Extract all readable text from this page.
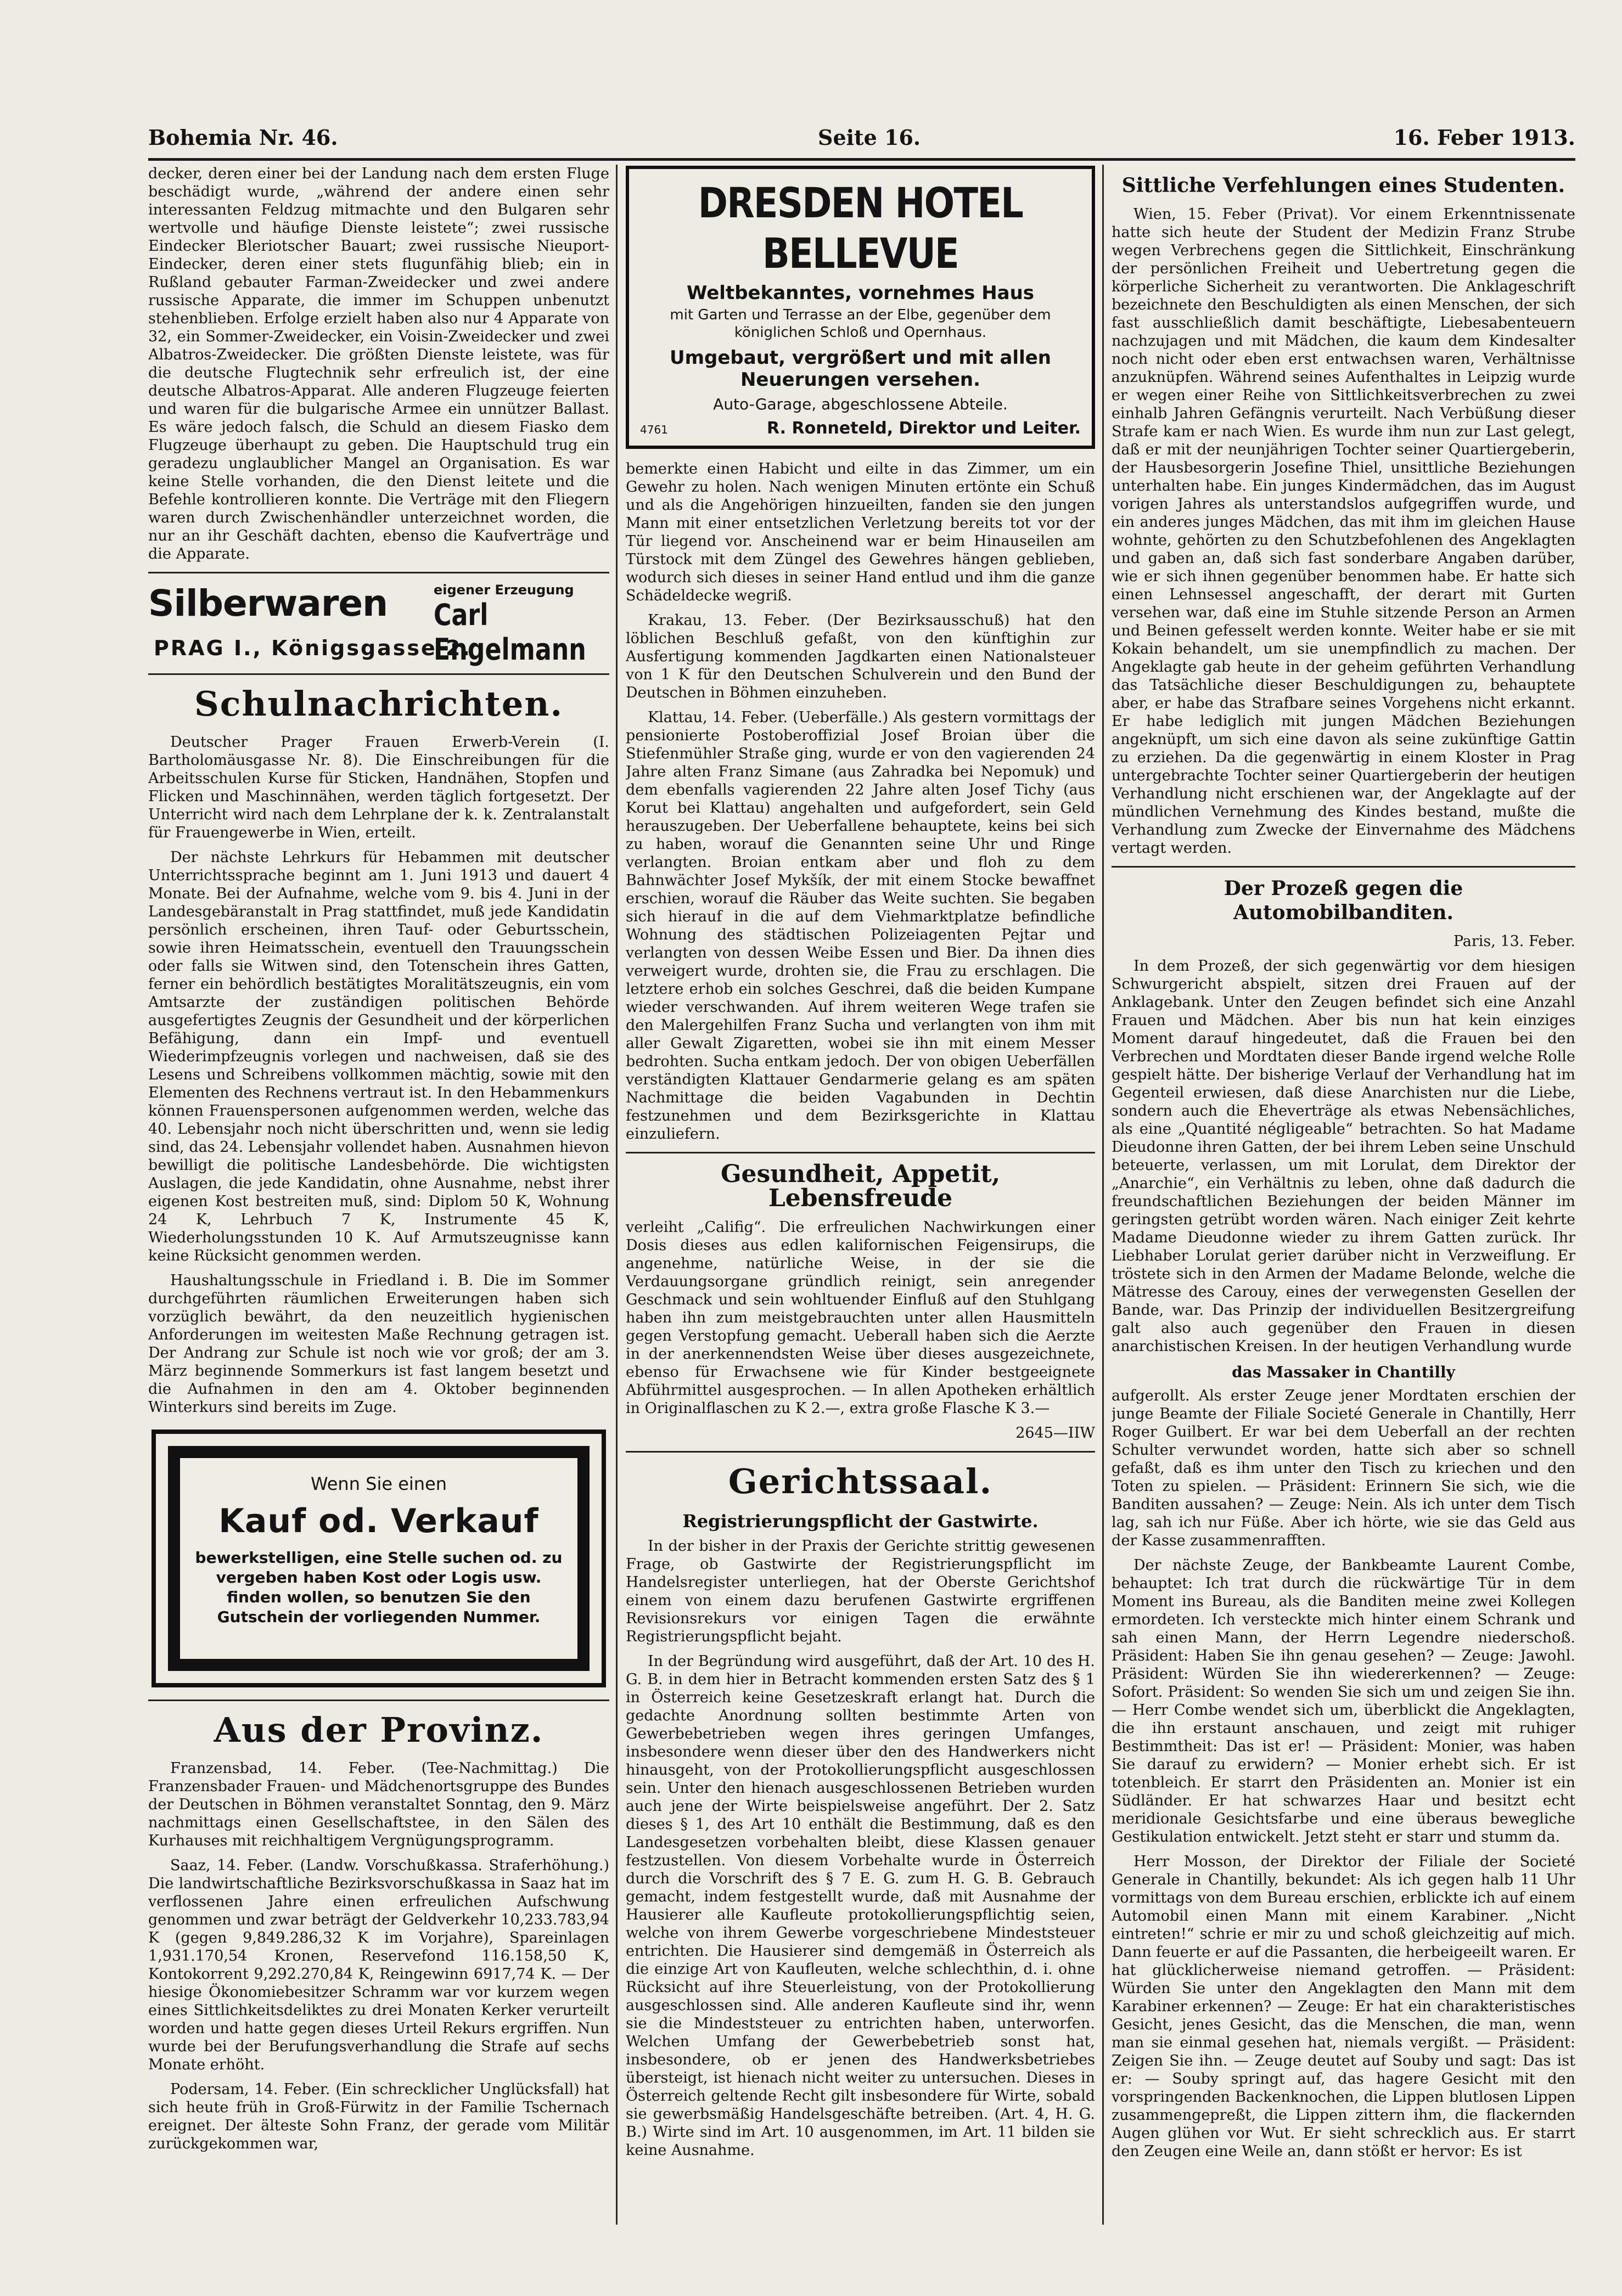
Bohemia Nr. 46.	Seite 16.	16. Feber 1913.

decker, deren einer bei der Landung nach dem ersten Fluge beschädigt wurde, „während der andere einen sehr interessanten Feldzug mitmachte und den Bulgaren sehr wertvolle und häufige Dienste leistete“; zwei russische Eindecker Bleriotscher Bauart; zwei russische Nieuport-Eindecker, deren einer stets flugunfähig blieb; ein in Rußland gebauter Farman-Zweidecker und zwei andere russische Apparate, die immer im Schuppen unbenutzt stehenblieben. Erfolge erzielt haben also nur 4 Apparate von 32, ein Sommer-Zweidecker, ein Voisin-Zweidecker und zwei Albatros-Zweidecker. Die größten Dienste leistete, was für die deutsche Flugtechnik sehr erfreulich ist, der eine deutsche Albatros-Apparat. Alle anderen Flugzeuge feierten und waren für die bulgarische Armee ein unnützer Ballast. Es wäre jedoch falsch, die Schuld an diesem Fiasko dem Flugzeuge überhaupt zu geben. Die Hauptschuld trug ein geradezu unglaublicher Mangel an Organisation. Es war keine Stelle vorhanden, die den Dienst leitete und die Befehle kontrollieren konnte. Die Verträge mit den Fliegern waren durch Zwischenhändler unterzeichnet worden, die nur an ihr Geschäft dachten, ebenso die Kaufverträge und die Apparate.

Silberwaren	eigener Erzeugung
Carl Engelmann
PRAG I., Königsgasse 2.
Schulnachrichten.

Deutscher Prager Frauen Erwerb-Verein (I. Bartholomäusgasse Nr. 8). Die Einschreibungen für die Arbeitsschulen Kurse für Sticken, Handnähen, Stopfen und Flicken und Maschinnähen, werden täglich fortgesetzt. Der Unterricht wird nach dem Lehrplane der k. k. Zentralanstalt für Frauengewerbe in Wien, erteilt.

Der nächste Lehrkurs für Hebammen mit deutscher Unterrichtssprache beginnt am 1. Juni 1913 und dauert 4 Monate. Bei der Aufnahme, welche vom 9. bis 4. Juni in der Landesgebäranstalt in Prag stattfindet, muß jede Kandidatin persönlich erscheinen, ihren Tauf- oder Geburtsschein, sowie ihren Heimatsschein, eventuell den Trauungsschein oder falls sie Witwen sind, den Totenschein ihres Gatten, ferner ein behördlich bestätigtes Moralitätszeugnis, ein vom Amtsarzte der zuständigen politischen Behörde ausgefertigtes Zeugnis der Gesundheit und der körperlichen Befähigung, dann ein Impf- und eventuell Wiederimpfzeugnis vorlegen und nachweisen, daß sie des Lesens und Schreibens vollkommen mächtig, sowie mit den Elementen des Rechnens vertraut ist. In den Hebammenkurs können Frauenspersonen aufgenommen werden, welche das 40. Lebensjahr noch nicht überschritten und, wenn sie ledig sind, das 24. Lebensjahr vollendet haben. Ausnahmen hievon bewilligt die politische Landesbehörde. Die wichtigsten Auslagen, die jede Kandidatin, ohne Ausnahme, nebst ihrer eigenen Kost bestreiten muß, sind: Diplom 50 K, Wohnung 24 K, Lehrbuch 7 K, Instrumente 45 K, Wiederholungsstunden 10 K. Auf Armutszeugnisse kann keine Rücksicht genommen werden.

Haushaltungsschule in Friedland i. B. Die im Sommer durchgeführten räumlichen Erweiterungen haben sich vorzüglich bewährt, da den neuzeitlich hygienischen Anforderungen im weitesten Maße Rechnung getragen ist. Der Andrang zur Schule ist noch wie vor groß; der am 3. März beginnende Sommerkurs ist fast langem besetzt und die Aufnahmen in den am 4. Oktober beginnenden Winterkurs sind bereits im Zuge.

Wenn Sie einen
Kauf od. Verkauf
bewerkstelligen, eine Stelle suchen od. zu vergeben haben Kost oder Logis usw. finden wollen, so benutzen Sie den Gutschein der vorliegenden Nummer.
Aus der Provinz.

Franzensbad, 14. Feber. (Tee-Nachmittag.) Die Franzensbader Frauen- und Mädchenortsgruppe des Bundes der Deutschen in Böhmen veranstaltet Sonntag, den 9. März nachmittags einen Gesellschaftstee, in den Sälen des Kurhauses mit reichhaltigem Vergnügungsprogramm.

Saaz, 14. Feber. (Landw. Vorschußkassa. Straferhöhung.) Die landwirtschaftliche Bezirksvorschußkassa in Saaz hat im verflossenen Jahre einen erfreulichen Aufschwung genommen und zwar beträgt der Geldverkehr 10,233.783,94 K (gegen 9,849.286,32 K im Vorjahre), Spareinlagen 1,931.170,54 Kronen, Reservefond 116.158,50 K, Kontokorrent 9,292.270,84 K, Reingewinn 6917,74 K. — Der hiesige Ökonomiebesitzer Schramm war vor kurzem wegen eines Sittlichkeitsdeliktes zu drei Monaten Kerker verurteilt worden und hatte gegen dieses Urteil Rekurs ergriffen. Nun wurde bei der Berufungsverhandlung die Strafe auf sechs Monate erhöht.

Podersam, 14. Feber. (Ein schrecklicher Unglücksfall) hat sich heute früh in Groß-Fürwitz in der Familie Tschernach ereignet. Der älteste Sohn Franz, der gerade vom Militär zurückgekommen war,

DRESDEN HOTEL BELLEVUE
Weltbekanntes, vornehmes Haus
mit Garten und Terrasse an der Elbe, gegenüber dem königlichen Schloß und Opernhaus.
Umgebaut, vergrößert und mit allen Neuerungen versehen.
Auto-Garage, abgeschlossene Abteile.
4761	R. Ronneteld, Direktor und Leiter.

bemerkte einen Habicht und eilte in das Zimmer, um ein Gewehr zu holen. Nach wenigen Minuten ertönte ein Schuß und als die Angehörigen hinzueilten, fanden sie den jungen Mann mit einer entsetzlichen Verletzung bereits tot vor der Tür liegend vor. Anscheinend war er beim Hinauseilen am Türstock mit dem Züngel des Gewehres hängen geblieben, wodurch sich dieses in seiner Hand entlud und ihm die ganze Schädeldecke wegriß.

Krakau, 13. Feber. (Der Bezirksausschuß) hat den löblichen Beschluß gefaßt, von den künftighin zur Ausfertigung kommenden Jagdkarten einen Nationalsteuer von 1 K für den Deutschen Schulverein und den Bund der Deutschen in Böhmen einzuheben.

Klattau, 14. Feber. (Ueberfälle.) Als gestern vormittags der pensionierte Postoberoffizial Josef Broian über die Stiefenmühler Straße ging, wurde er von den vagierenden 24 Jahre alten Franz Simane (aus Zahradka bei Nepomuk) und dem ebenfalls vagierenden 22 Jahre alten Josef Tichy (aus Korut bei Klattau) angehalten und aufgefordert, sein Geld herauszugeben. Der Ueberfallene behauptete, keins bei sich zu haben, worauf die Genannten seine Uhr und Ringe verlangten. Broian entkam aber und floh zu dem Bahnwächter Josef Mykšík, der mit einem Stocke bewaffnet erschien, worauf die Räuber das Weite suchten. Sie begaben sich hierauf in die auf dem Viehmarktplatze befindliche Wohnung des städtischen Polizeiagenten Pejtar und verlangten von dessen Weibe Essen und Bier. Da ihnen dies verweigert wurde, drohten sie, die Frau zu erschlagen. Die letztere erhob ein solches Geschrei, daß die beiden Kumpane wieder verschwanden. Auf ihrem weiteren Wege trafen sie den Malergehilfen Franz Sucha und verlangten von ihm mit aller Gewalt Zigaretten, wobei sie ihn mit einem Messer bedrohten. Sucha entkam jedoch. Der von obigen Ueberfällen verständigten Klattauer Gendarmerie gelang es am späten Nachmittage die beiden Vagabunden in Dechtin festzunehmen und dem Bezirksgerichte in Klattau einzuliefern.

Gesundheit, Appetit, Lebensfreude

verleiht „Califig“. Die erfreulichen Nachwirkungen einer Dosis dieses aus edlen kalifornischen Feigensirups, die angenehme, natürliche Weise, in der sie die Verdauungsorgane gründlich reinigt, sein anregender Geschmack und sein wohltuender Einfluß auf den Stuhlgang haben ihn zum meistgebrauchten unter allen Hausmitteln gegen Verstopfung gemacht. Ueberall haben sich die Aerzte in der anerkennendsten Weise über dieses ausgezeichnete, ebenso für Erwachsene wie für Kinder bestgeeignete Abführmittel ausgesprochen. — In allen Apotheken erhältlich in Originalflaschen zu K 2.—, extra große Flasche K 3.—

2645—IIW

Gerichtssaal.
Registrierungspflicht der Gastwirte.

In der bisher in der Praxis der Gerichte strittig gewesenen Frage, ob Gastwirte der Registrierungspflicht im Handelsregister unterliegen, hat der Oberste Gerichtshof einem von einem dazu berufenen Gastwirte ergriffenen Revisionsrekurs vor einigen Tagen die erwähnte Registrierungspflicht bejaht.

In der Begründung wird ausgeführt, daß der Art. 10 des H. G. B. in dem hier in Betracht kommenden ersten Satz des § 1 in Österreich keine Gesetzeskraft erlangt hat. Durch die gedachte Anordnung sollten bestimmte Arten von Gewerbebetrieben wegen ihres geringen Umfanges, insbesondere wenn dieser über den des Handwerkers nicht hinausgeht, von der Protokollierungspflicht ausgeschlossen sein. Unter den hienach ausgeschlossenen Betrieben wurden auch jene der Wirte beispielsweise angeführt. Der 2. Satz dieses § 1, des Art 10 enthält die Bestimmung, daß es den Landesgesetzen vorbehalten bleibt, diese Klassen genauer festzustellen. Von diesem Vorbehalte wurde in Österreich durch die Vorschrift des § 7 E. G. zum H. G. B. Gebrauch gemacht, indem festgestellt wurde, daß mit Ausnahme der Hausierer alle Kaufleute protokollierungspflichtig seien, welche von ihrem Gewerbe vorgeschriebene Mindeststeuer entrichten. Die Hausierer sind demgemäß in Österreich als die einzige Art von Kaufleuten, welche schlechthin, d. i. ohne Rücksicht auf ihre Steuerleistung, von der Protokollierung ausgeschlossen sind. Alle anderen Kaufleute sind ihr, wenn sie die Mindeststeuer zu entrichten haben, unterworfen. Welchen Umfang der Gewerbebetrieb sonst hat, insbesondere, ob er jenen des Handwerksbetriebes übersteigt, ist hienach nicht weiter zu untersuchen. Dieses in Österreich geltende Recht gilt insbesondere für Wirte, sobald sie gewerbsmäßig Handelsgeschäfte betreiben. (Art. 4, H. G. B.) Wirte sind im Art. 10 ausgenommen, im Art. 11 bilden sie keine Ausnahme.

Sittliche Verfehlungen eines Studenten.

Wien, 15. Feber (Privat). Vor einem Erkenntnissenate hatte sich heute der Student der Medizin Franz Strube wegen Verbrechens gegen die Sittlichkeit, Einschränkung der persönlichen Freiheit und Uebertretung gegen die körperliche Sicherheit zu verantworten. Die Anklageschrift bezeichnete den Beschuldigten als einen Menschen, der sich fast ausschließlich damit beschäftigte, Liebesabenteuern nachzujagen und mit Mädchen, die kaum dem Kindesalter noch nicht oder eben erst entwachsen waren, Verhältnisse anzuknüpfen. Während seines Aufenthaltes in Leipzig wurde er wegen einer Reihe von Sittlichkeitsverbrechen zu zwei einhalb Jahren Gefängnis verurteilt. Nach Verbüßung dieser Strafe kam er nach Wien. Es wurde ihm nun zur Last gelegt, daß er mit der neunjährigen Tochter seiner Quartiergeberin, der Hausbesorgerin Josefine Thiel, unsittliche Beziehungen unterhalten habe. Ein junges Kindermädchen, das im August vorigen Jahres als unterstandslos aufgegriffen wurde, und ein anderes junges Mädchen, das mit ihm im gleichen Hause wohnte, gehörten zu den Schutzbefohlenen des Angeklagten und gaben an, daß sich fast sonderbare Angaben darüber, wie er sich ihnen gegenüber benommen habe. Er hatte sich einen Lehnsessel angeschafft, der derart mit Gurten versehen war, daß eine im Stuhle sitzende Person an Armen und Beinen gefesselt werden konnte. Weiter habe er sie mit Kokain behandelt, um sie unempfindlich zu machen. Der Angeklagte gab heute in der geheim geführten Verhandlung das Tatsächliche dieser Beschuldigungen zu, behauptete aber, er habe das Strafbare seines Vorgehens nicht erkannt. Er habe lediglich mit jungen Mädchen Beziehungen angeknüpft, um sich eine davon als seine zukünftige Gattin zu erziehen. Da die gegenwärtig in einem Kloster in Prag untergebrachte Tochter seiner Quartiergeberin der heutigen Verhandlung nicht erschienen war, der Angeklagte auf der mündlichen Vernehmung des Kindes bestand, mußte die Verhandlung zum Zwecke der Einvernahme des Mädchens vertagt werden.

Der Prozeß gegen die Automobilbanditen.

Paris, 13. Feber.

In dem Prozeß, der sich gegenwärtig vor dem hiesigen Schwurgericht abspielt, sitzen drei Frauen auf der Anklagebank. Unter den Zeugen befindet sich eine Anzahl Frauen und Mädchen. Aber bis nun hat kein einziges Moment darauf hingedeutet, daß die Frauen bei den Verbrechen und Mordtaten dieser Bande irgend welche Rolle gespielt hätte. Der bisherige Verlauf der Verhandlung hat im Gegenteil erwiesen, daß diese Anarchisten nur die Liebe, sondern auch die Eheverträge als etwas Nebensächliches, als eine „Quantité négligeable“ betrachten. So hat Madame Dieudonne ihren Gatten, der bei ihrem Leben seine Unschuld beteuerte, verlassen, um mit Lorulat, dem Direktor der „Anarchie“, ein Verhältnis zu leben, ohne daß dadurch die freundschaftlichen Beziehungen der beiden Männer im geringsten getrübt worden wären. Nach einiger Zeit kehrte Madame Dieudonne wieder zu ihrem Gatten zurück. Ihr Liebhaber Lorulat gerieт darüber nicht in Verzweiflung. Er tröstete sich in den Armen der Madame Belonde, welche die Mätresse des Carouy, eines der verwegensten Gesellen der Bande, war. Das Prinzip der individuellen Besitzergreifung galt also auch gegenüber den Frauen in diesen anarchistischen Kreisen. In der heutigen Verhandlung wurde

das Massaker in Chantilly

aufgerollt. Als erster Zeuge jener Mordtaten erschien der junge Beamte der Filiale Societé Generale in Chantilly, Herr Roger Guilbert. Er war bei dem Ueberfall an der rechten Schulter verwundet worden, hatte sich aber so schnell gefaßt, daß es ihm unter den Tisch zu kriechen und den Toten zu spielen. — Präsident: Erinnern Sie sich, wie die Banditen aussahen? — Zeuge: Nein. Als ich unter dem Tisch lag, sah ich nur Füße. Aber ich hörte, wie sie das Geld aus der Kasse zusammenrafften.

Der nächste Zeuge, der Bankbeamte Laurent Combe, behauptet: Ich trat durch die rückwärtige Tür in dem Moment ins Bureau, als die Banditen meine zwei Kollegen ermordeten. Ich versteckte mich hinter einem Schrank und sah einen Mann, der Herrn Legendre niederschoß. Präsident: Haben Sie ihn genau gesehen? — Zeuge: Jawohl. Präsident: Würden Sie ihn wiedererkennen? — Zeuge: Sofort. Präsident: So wenden Sie sich um und zeigen Sie ihn. — Herr Combe wendet sich um, überblickt die Angeklagten, die ihn erstaunt anschauen, und zeigt mit ruhiger Bestimmtheit: Das ist er! — Präsident: Monier, was haben Sie darauf zu erwidern? — Monier erhebt sich. Er ist totenbleich. Er starrt den Präsidenten an. Monier ist ein Südländer. Er hat schwarzes Haar und besitzt echt meridionale Gesichtsfarbe und eine überaus bewegliche Gestikulation entwickelt. Jetzt steht er starr und stumm da.

Herr Mosson, der Direktor der Filiale der Societé Generale in Chantilly, bekundet: Als ich gegen halb 11 Uhr vormittags von dem Bureau erschien, erblickte ich auf einem Automobil einen Mann mit einem Karabiner. „Nicht eintreten!“ schrie er mir zu und schoß gleichzeitig auf mich. Dann feuerte er auf die Passanten, die herbeigeeilt waren. Er hat glücklicherweise niemand getroffen. — Präsident: Würden Sie unter den Angeklagten den Mann mit dem Karabiner erkennen? — Zeuge: Er hat ein charakteristisches Gesicht, jenes Gesicht, das die Menschen, die man, wenn man sie einmal gesehen hat, niemals vergißt. — Präsident: Zeigen Sie ihn. — Zeuge deutet auf Souby und sagt: Das ist er: — Souby springt auf, das hagere Gesicht mit den vorspringenden Backenknochen, die Lippen blutlosen Lippen zusammengepreßt, die Lippen zittern ihm, die flackernden Augen glühen vor Wut. Er sieht schrecklich aus. Er starrt den Zeugen eine Weile an, dann stößt er hervor: Es ist
